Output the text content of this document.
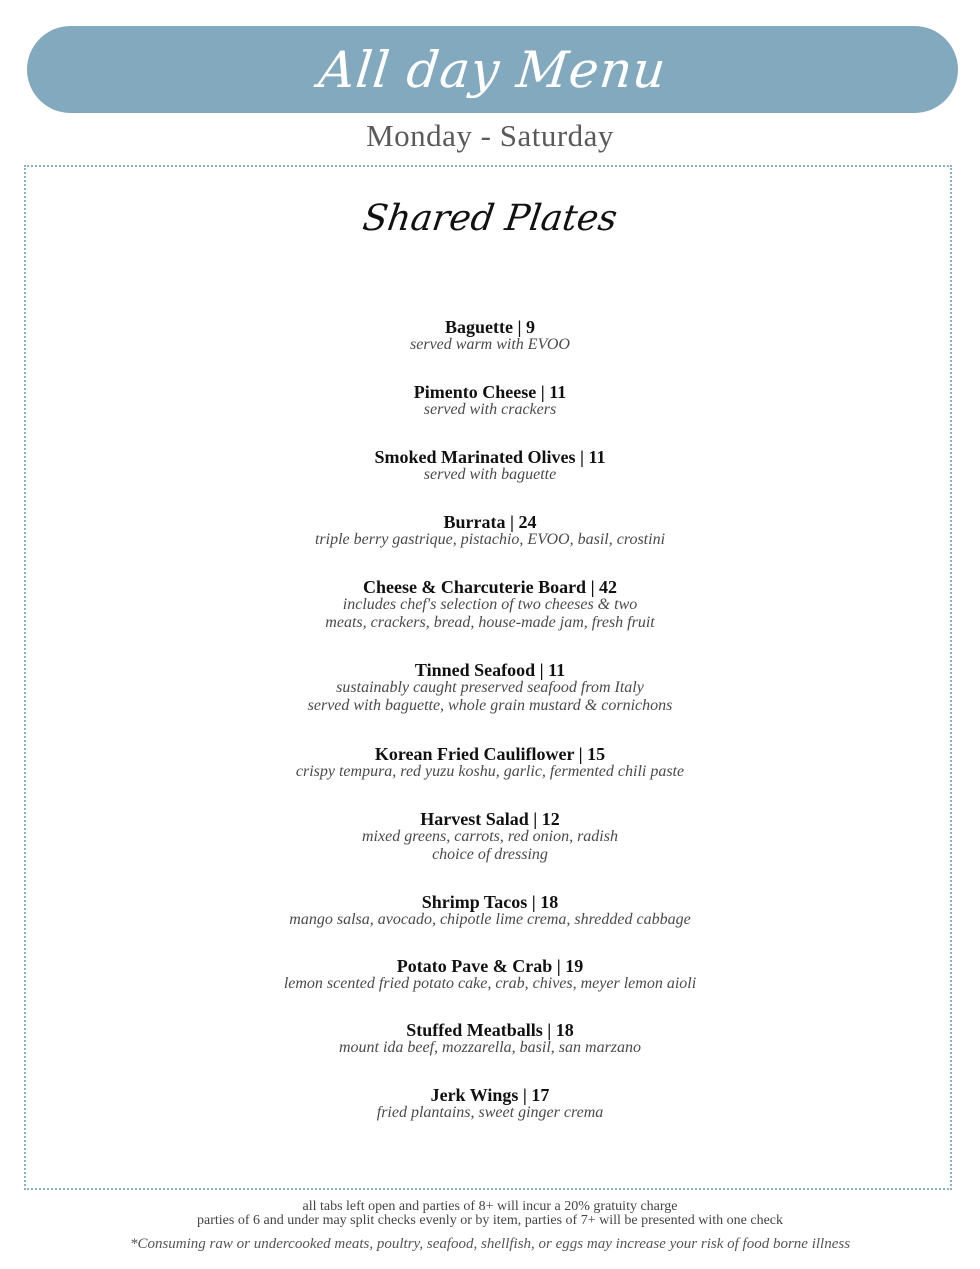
All day Menu
Monday - Saturday
Shared Plates
Baguette | 9
served warm with EVOO
Pimento Cheese | 11
served with crackers
Smoked Marinated Olives | 11
served with baguette
Burrata | 24
triple berry gastrique, pistachio, EVOO, basil, crostini
Cheese & Charcuterie Board | 42
includes chef's selection of two cheeses & two
meats, crackers, bread, house-made jam, fresh fruit
Tinned Seafood | 11
sustainably caught preserved seafood from Italy
served with baguette, whole grain mustard & cornichons
Korean Fried Cauliflower | 15
crispy tempura, red yuzu koshu, garlic, fermented chili paste
Harvest Salad | 12
mixed greens, carrots, red onion, radish
choice of dressing
Shrimp Tacos | 18
mango salsa, avocado, chipotle lime crema, shredded cabbage
Potato Pave & Crab | 19
lemon scented fried potato cake, crab, chives, meyer lemon aioli
Stuffed Meatballs | 18
mount ida beef, mozzarella, basil, san marzano
Jerk Wings | 17
fried plantains, sweet ginger crema
all tabs left open and parties of 8+ will incur a 20% gratuity charge
parties of 6 and under may split checks evenly or by item, parties of 7+ will be presented with one check
*Consuming raw or undercooked meats, poultry, seafood, shellfish, or eggs may increase your risk of food borne illness
